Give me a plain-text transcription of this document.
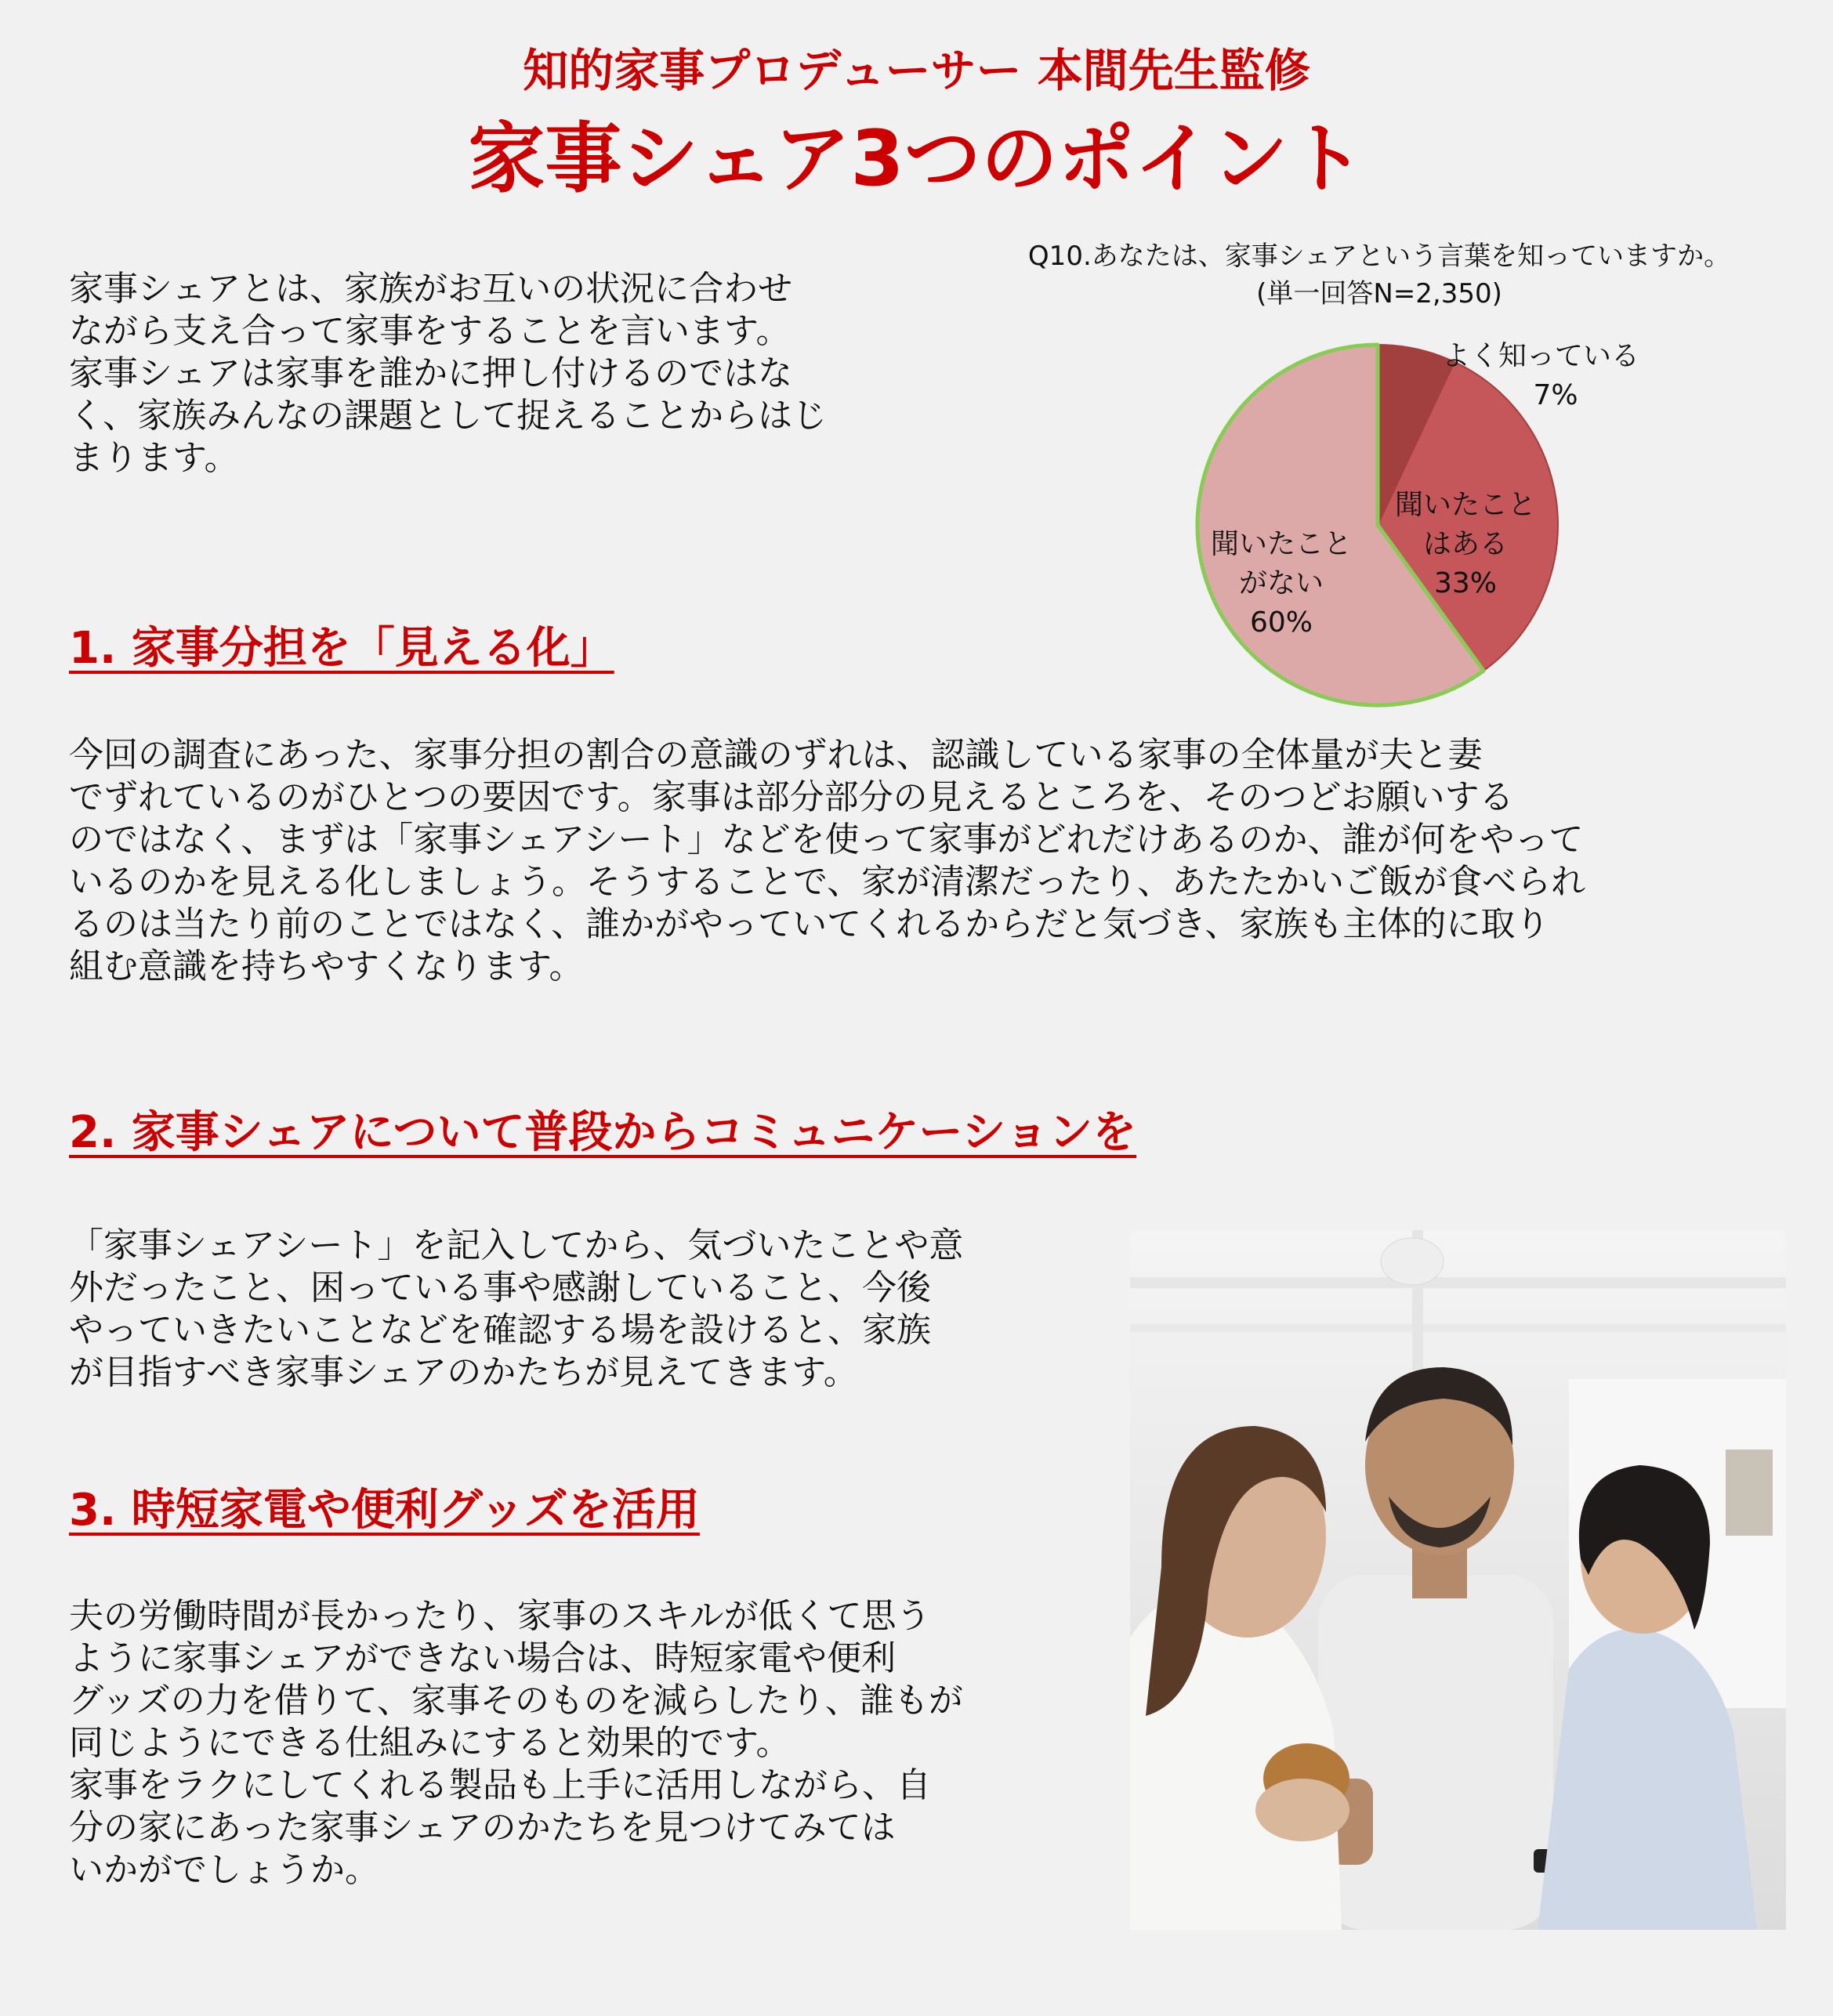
知的家事プロデューサー 本間先生監修
家事シェア3つのポイント
家事シェアとは、家族がお互いの状況に合わせ
ながら支え合って家事をすることを言います。
家事シェアは家事を誰かに押し付けるのではな
く、家族みんなの課題として捉えることからはじ
まります。
Q10.あなたは、家事シェアという言葉を知っていますか。
(単一回答N=2,350)
よく知っている
7%
聞いたこと
はある
33%
聞いたこと
がない
60%
1. 家事分担を「見える化」
今回の調査にあった、家事分担の割合の意識のずれは、認識している家事の全体量が夫と妻
でずれているのがひとつの要因です。家事は部分部分の見えるところを、そのつどお願いする
のではなく、まずは「家事シェアシート」などを使って家事がどれだけあるのか、誰が何をやって
いるのかを見える化しましょう。そうすることで、家が清潔だったり、あたたかいご飯が食べられ
るのは当たり前のことではなく、誰かがやっていてくれるからだと気づき、家族も主体的に取り
組む意識を持ちやすくなります。
2. 家事シェアについて普段からコミュニケーションを
「家事シェアシート」を記入してから、気づいたことや意
外だったこと、困っている事や感謝していること、今後
やっていきたいことなどを確認する場を設けると、家族
が目指すべき家事シェアのかたちが見えてきます。
3. 時短家電や便利グッズを活用
夫の労働時間が長かったり、家事のスキルが低くて思う
ように家事シェアができない場合は、時短家電や便利
グッズの力を借りて、家事そのものを減らしたり、誰もが
同じようにできる仕組みにすると効果的です。
家事をラクにしてくれる製品も上手に活用しながら、自
分の家にあった家事シェアのかたちを見つけてみては
いかがでしょうか。
